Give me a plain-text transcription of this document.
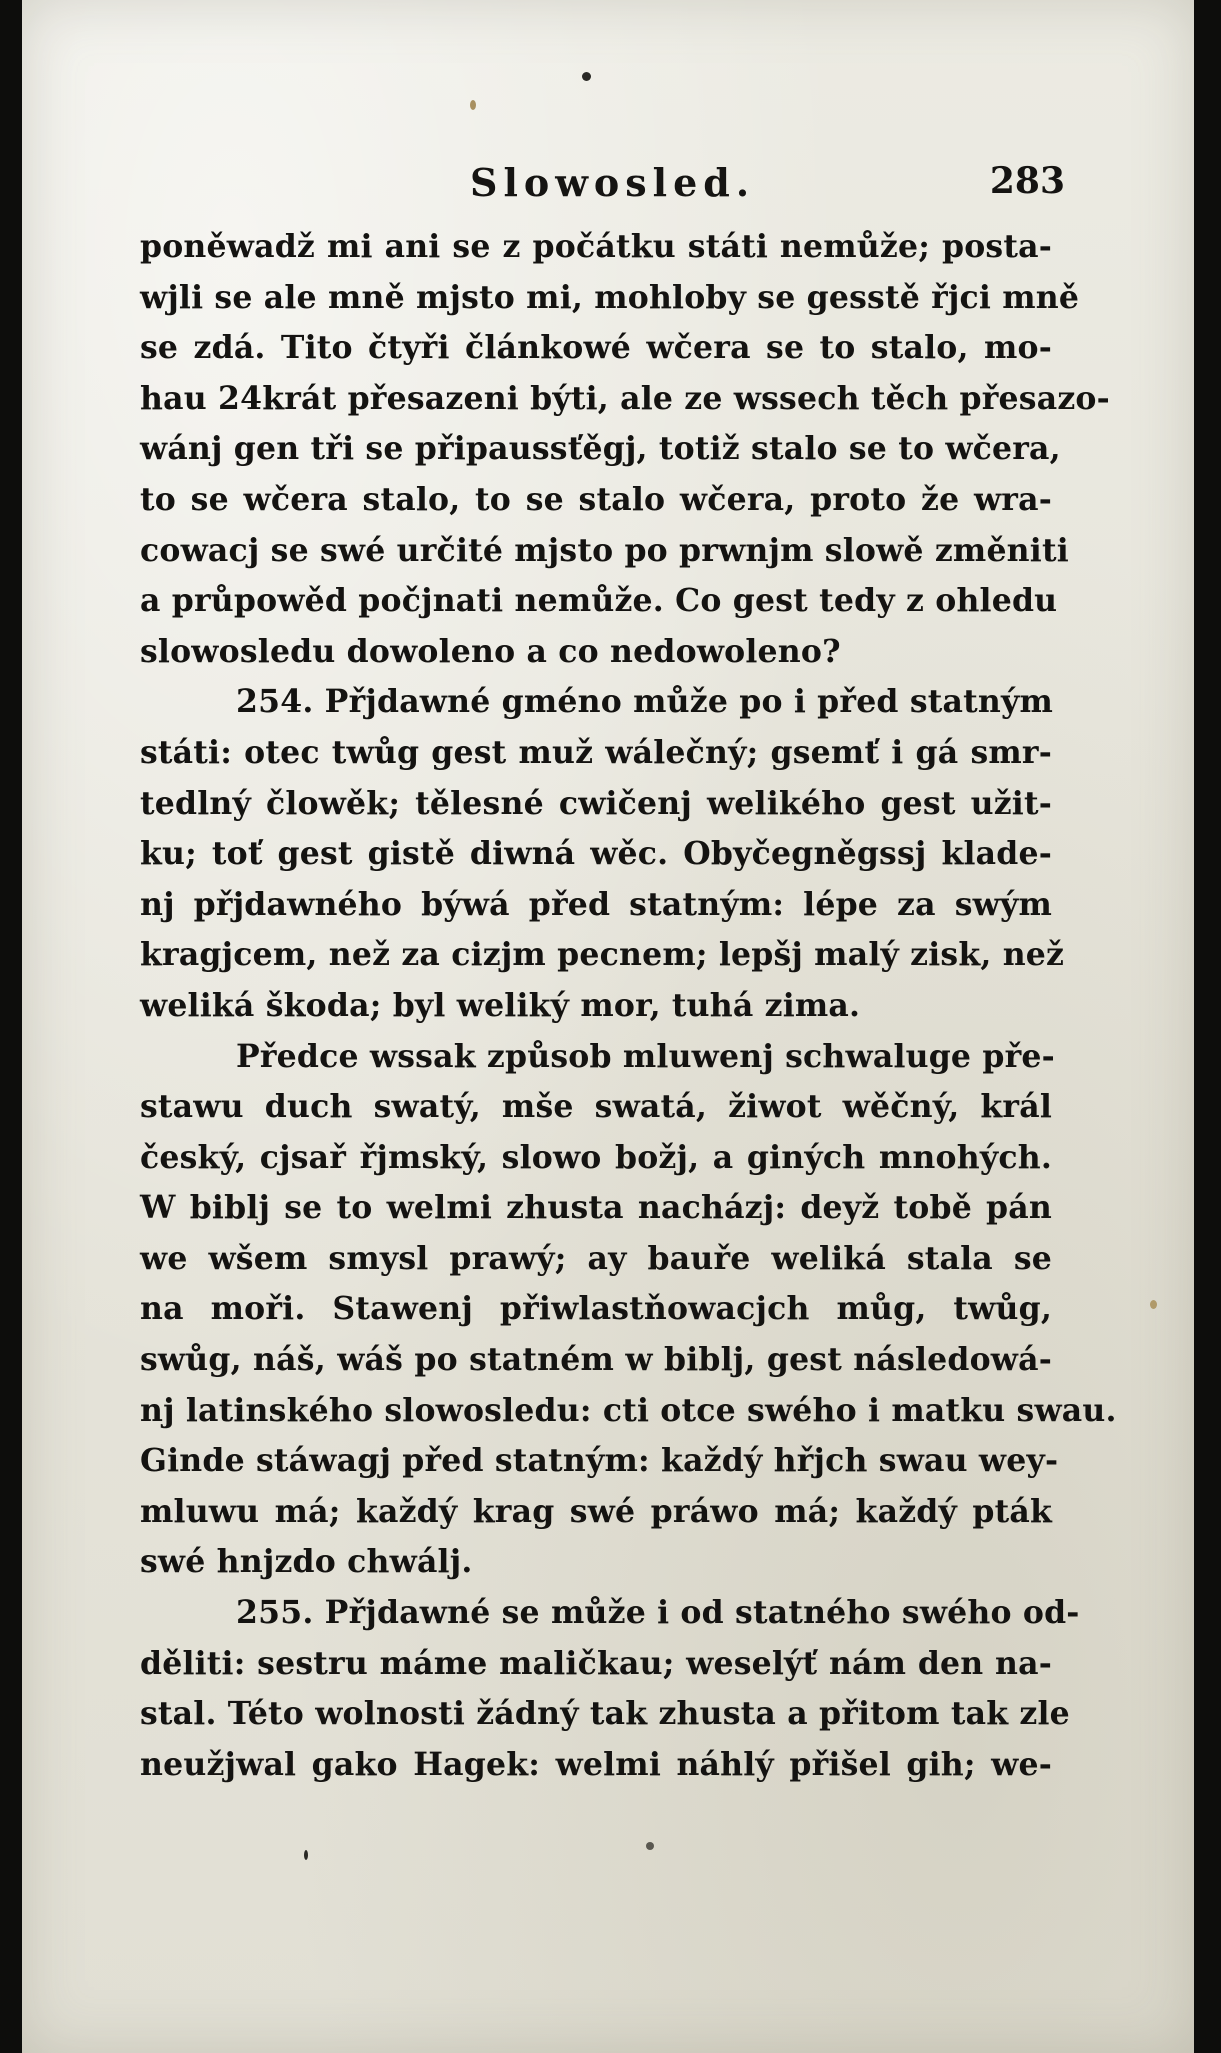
Slowosled.	283
poněwadž mi ani se z počátku státi nemůže; posta-
wjli se ale mně mjsto mi, mohloby se gesstě řjci mně
se zdá. Tito čtyři článkowé wčera se to stalo, mo-
hau 24krát přesazeni býti, ale ze wssech těch přesazo-
wánj gen tři se připaussťěgj, totiž stalo se to wčera,
to se wčera stalo, to se stalo wčera, proto že wra-
cowacj se swé určité mjsto po prwnjm slowě změniti
a průpowěd počjnati nemůže. Co gest tedy z ohledu
slowosledu dowoleno a co nedowoleno?
254. Přjdawné gméno může po i před statným
státi: otec twůg gest muž wálečný; gsemť i gá smr-
tedlný člowěk; tělesné cwičenj welikého gest užit-
ku; toť gest gistě diwná wěc. Obyčegněgssj klade-
nj přjdawného býwá před statným: lépe za swým
kragjcem, než za cizjm pecnem; lepšj malý zisk, než
weliká škoda; byl weliký mor, tuhá zima.
Předce wssak způsob mluwenj schwaluge pře-
stawu duch swatý, mše swatá, žiwot wěčný, král
český, cjsař řjmský, slowo božj, a giných mnohých.
W biblj se to welmi zhusta nacházj: deyž tobě pán
we wšem smysl prawý; ay bauře weliká stala se
na moři. Stawenj přiwlastňowacjch můg, twůg,
swůg, náš, wáš po statném w biblj, gest následowá-
nj latinského slowosledu: cti otce swého i matku swau.
Ginde stáwagj před statným: každý hřjch swau wey-
mluwu má; každý krag swé práwo má; každý pták
swé hnjzdo chwálj.
255. Přjdawné se může i od statného swého od-
děliti: sestru máme maličkau; weselýť nám den na-
stal. Této wolnosti žádný tak zhusta a přitom tak zle
neužjwal gako Hagek: welmi náhlý přišel gih; we-
